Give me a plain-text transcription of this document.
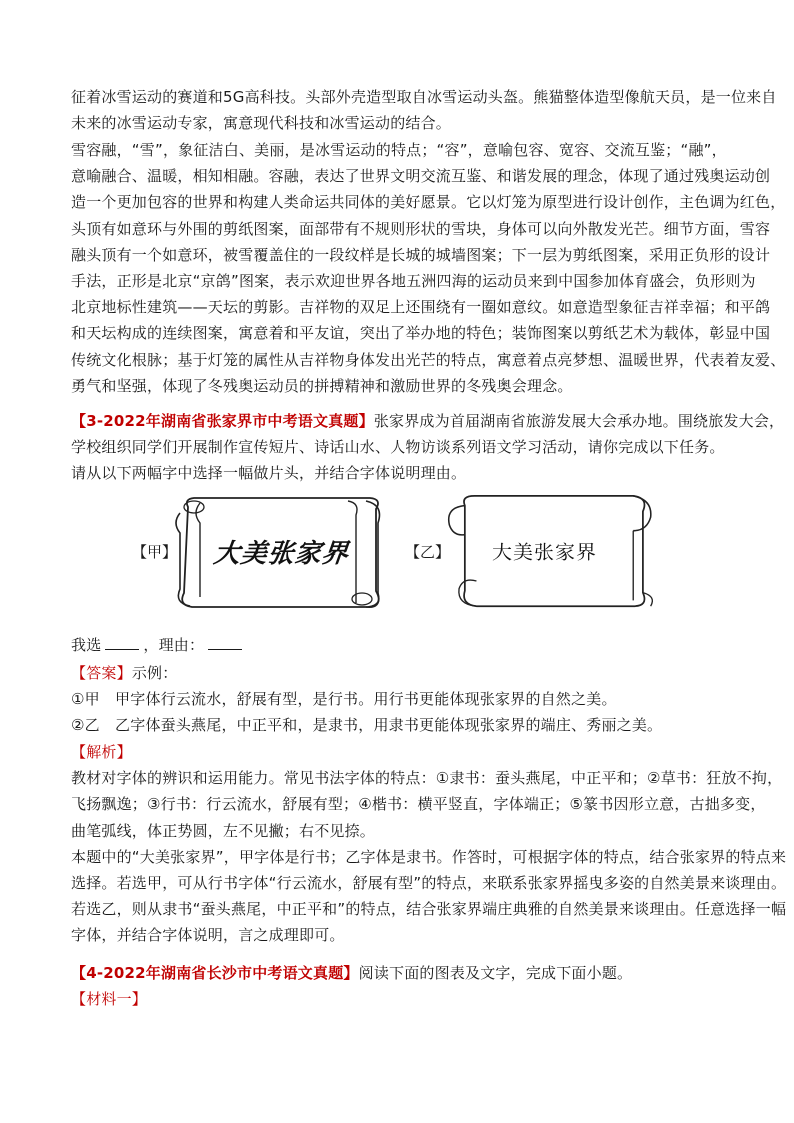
征着冰雪运动的赛道和5G高科技。头部外壳造型取自冰雪运动头盔。熊猫整体造型像航天员，是一位来自
未来的冰雪运动专家，寓意现代科技和冰雪运动的结合。
雪容融，“雪”，象征洁白、美丽，是冰雪运动的特点；“容”，意喻包容、宽容、交流互鉴；“融”，
意喻融合、温暖，相知相融。容融，表达了世界文明交流互鉴、和谐发展的理念，体现了通过残奥运动创
造一个更加包容的世界和构建人类命运共同体的美好愿景。它以灯笼为原型进行设计创作，主色调为红色，
头顶有如意环与外围的剪纸图案，面部带有不规则形状的雪块，身体可以向外散发光芒。细节方面，雪容
融头顶有一个如意环，被雪覆盖住的一段纹样是长城的城墙图案；下一层为剪纸图案，采用正负形的设计
手法，正形是北京“京鸽”图案，表示欢迎世界各地五洲四海的运动员来到中国参加体育盛会，负形则为
北京地标性建筑——天坛的剪影。吉祥物的双足上还围绕有一圈如意纹。如意造型象征吉祥幸福；和平鸽
和天坛构成的连续图案，寓意着和平友谊，突出了举办地的特色；装饰图案以剪纸艺术为载体，彰显中国
传统文化根脉；基于灯笼的属性从吉祥物身体发出光芒的特点，寓意着点亮梦想、温暖世界，代表着友爱、
勇气和坚强，体现了冬残奥运动员的拼搏精神和激励世界的冬残奥会理念。
【3-2022年湖南省张家界市中考语文真题】张家界成为首届湖南省旅游发展大会承办地。围绕旅发大会，
学校组织同学们开展制作宣传短片、诗话山水、人物访谈系列语文学习活动，请你完成以下任务。
请从以下两幅字中选择一幅做片头，并结合字体说明理由。
【甲】 大美张家界	【乙】 大美张家界
我选	，理由：
【答案】示例：
①甲　甲字体行云流水，舒展有型，是行书。用行书更能体现张家界的自然之美。
②乙　乙字体蚕头燕尾，中正平和，是隶书，用隶书更能体现张家界的端庄、秀丽之美。
【解析】
教材对字体的辨识和运用能力。常见书法字体的特点：①隶书：蚕头燕尾，中正平和；②草书：狂放不拘，
飞扬飘逸；③行书：行云流水，舒展有型；④楷书：横平竖直，字体端正；⑤篆书因形立意，古拙多变，
曲笔弧线，体正势圆，左不见撇；右不见捺。
本题中的“大美张家界”，甲字体是行书；乙字体是隶书。作答时，可根据字体的特点，结合张家界的特点来
选择。若选甲，可从行书字体“行云流水，舒展有型”的特点，来联系张家界摇曳多姿的自然美景来谈理由。
若选乙，则从隶书“蚕头燕尾，中正平和”的特点，结合张家界端庄典雅的自然美景来谈理由。任意选择一幅
字体，并结合字体说明，言之成理即可。
【4-2022年湖南省长沙市中考语文真题】阅读下面的图表及文字，完成下面小题。
【材料一】
